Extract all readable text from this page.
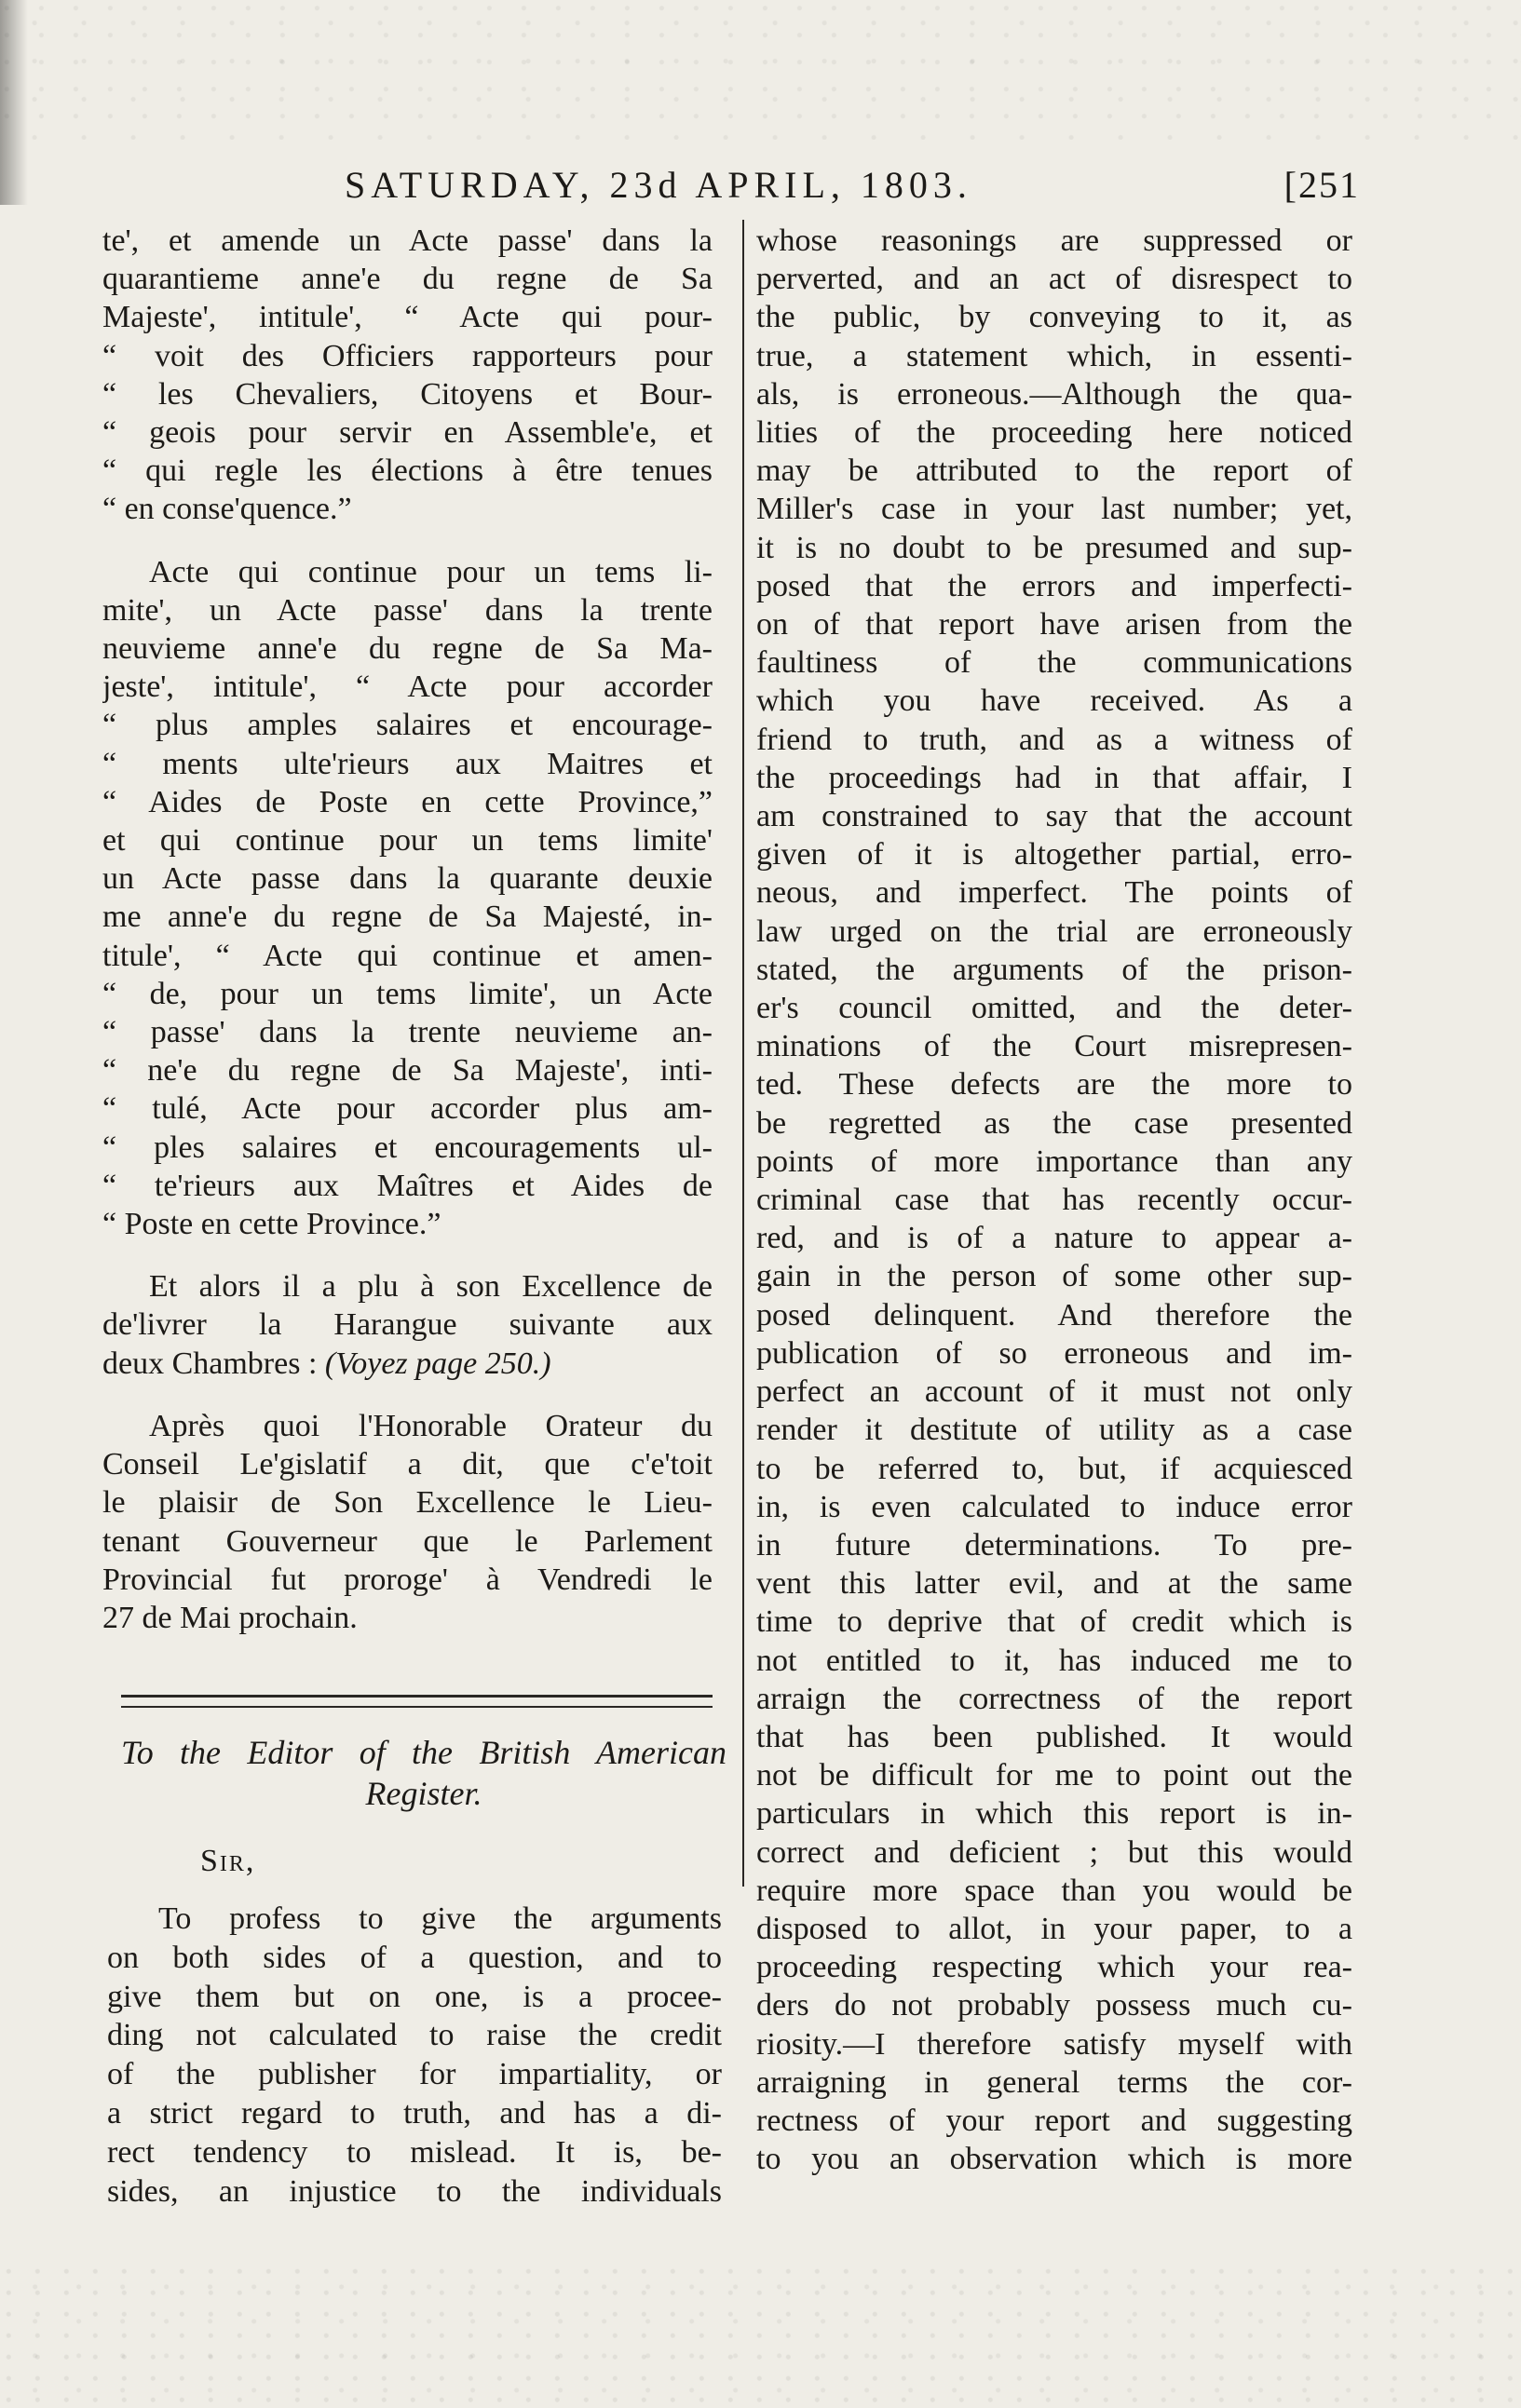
SATURDAY, 23d APRIL, 1803.	[251
te', et amende un Acte passe' dans la
quarantieme anne'e du regne de Sa
Majeste', intitule', “ Acte qui pour-
“ voit des Officiers rapporteurs pour
“ les Chevaliers, Citoyens et Bour-
“ geois pour servir en Assemble'e, et
“ qui regle les élections à être tenues
“ en conse'quence.”
Acte qui continue pour un tems li-
mite', un Acte passe' dans la trente
neuvieme anne'e du regne de Sa Ma-
jeste', intitule', “ Acte pour accorder
“ plus amples salaires et encourage-
“ ments ulte'rieurs aux Maitres et
“ Aides de Poste en cette Province,”
et qui continue pour un tems limite'
un Acte passe dans la quarante deuxie
me anne'e du regne de Sa Majesté, in-
titule', “ Acte qui continue et amen-
“ de, pour un tems limite', un Acte
“ passe' dans la trente neuvieme an-
“ ne'e du regne de Sa Majeste', inti-
“ tulé, Acte pour accorder plus am-
“ ples salaires et encouragements ul-
“ te'rieurs aux Maîtres et Aides de
“ Poste en cette Province.”
Et alors il a plu à son Excellence de
de'livrer la Harangue suivante aux
deux Chambres : (Voyez page 250.)
Après quoi l'Honorable Orateur du
Conseil Le'gislatif a dit, que c'e'toit
le plaisir de Son Excellence le Lieu-
tenant Gouverneur que le Parlement
Provincial fut proroge' à Vendredi le
27 de Mai prochain.
To the Editor of the British American
Register.
Sir,
To profess to give the arguments
on both sides of a question, and to
give them but on one, is a procee-
ding not calculated to raise the credit
of the publisher for impartiality, or
a strict regard to truth, and has a di-
rect tendency to mislead. It is, be-
sides, an injustice to the individuals
whose reasonings are suppressed or
perverted, and an act of disrespect to
the public, by conveying to it, as
true, a statement which, in essenti-
als, is erroneous.—Although the qua-
lities of the proceeding here noticed
may be attributed to the report of
Miller's case in your last number; yet,
it is no doubt to be presumed and sup-
posed that the errors and imperfecti-
on of that report have arisen from the
faultiness of the communications
which you have received. As a
friend to truth, and as a witness of
the proceedings had in that affair, I
am constrained to say that the account
given of it is altogether partial, erro-
neous, and imperfect. The points of
law urged on the trial are erroneously
stated, the arguments of the prison-
er's council omitted, and the deter-
minations of the Court misrepresen-
ted. These defects are the more to
be regretted as the case presented
points of more importance than any
criminal case that has recently occur-
red, and is of a nature to appear a-
gain in the person of some other sup-
posed delinquent. And therefore the
publication of so erroneous and im-
perfect an account of it must not only
render it destitute of utility as a case
to be referred to, but, if acquiesced
in, is even calculated to induce error
in future determinations. To pre-
vent this latter evil, and at the same
time to deprive that of credit which is
not entitled to it, has induced me to
arraign the correctness of the report
that has been published. It would
not be difficult for me to point out the
particulars in which this report is in-
correct and deficient ; but this would
require more space than you would be
disposed to allot, in your paper, to a
proceeding respecting which your rea-
ders do not probably possess much cu-
riosity.—I therefore satisfy myself with
arraigning in general terms the cor-
rectness of your report and suggesting
to you an observation which is more
